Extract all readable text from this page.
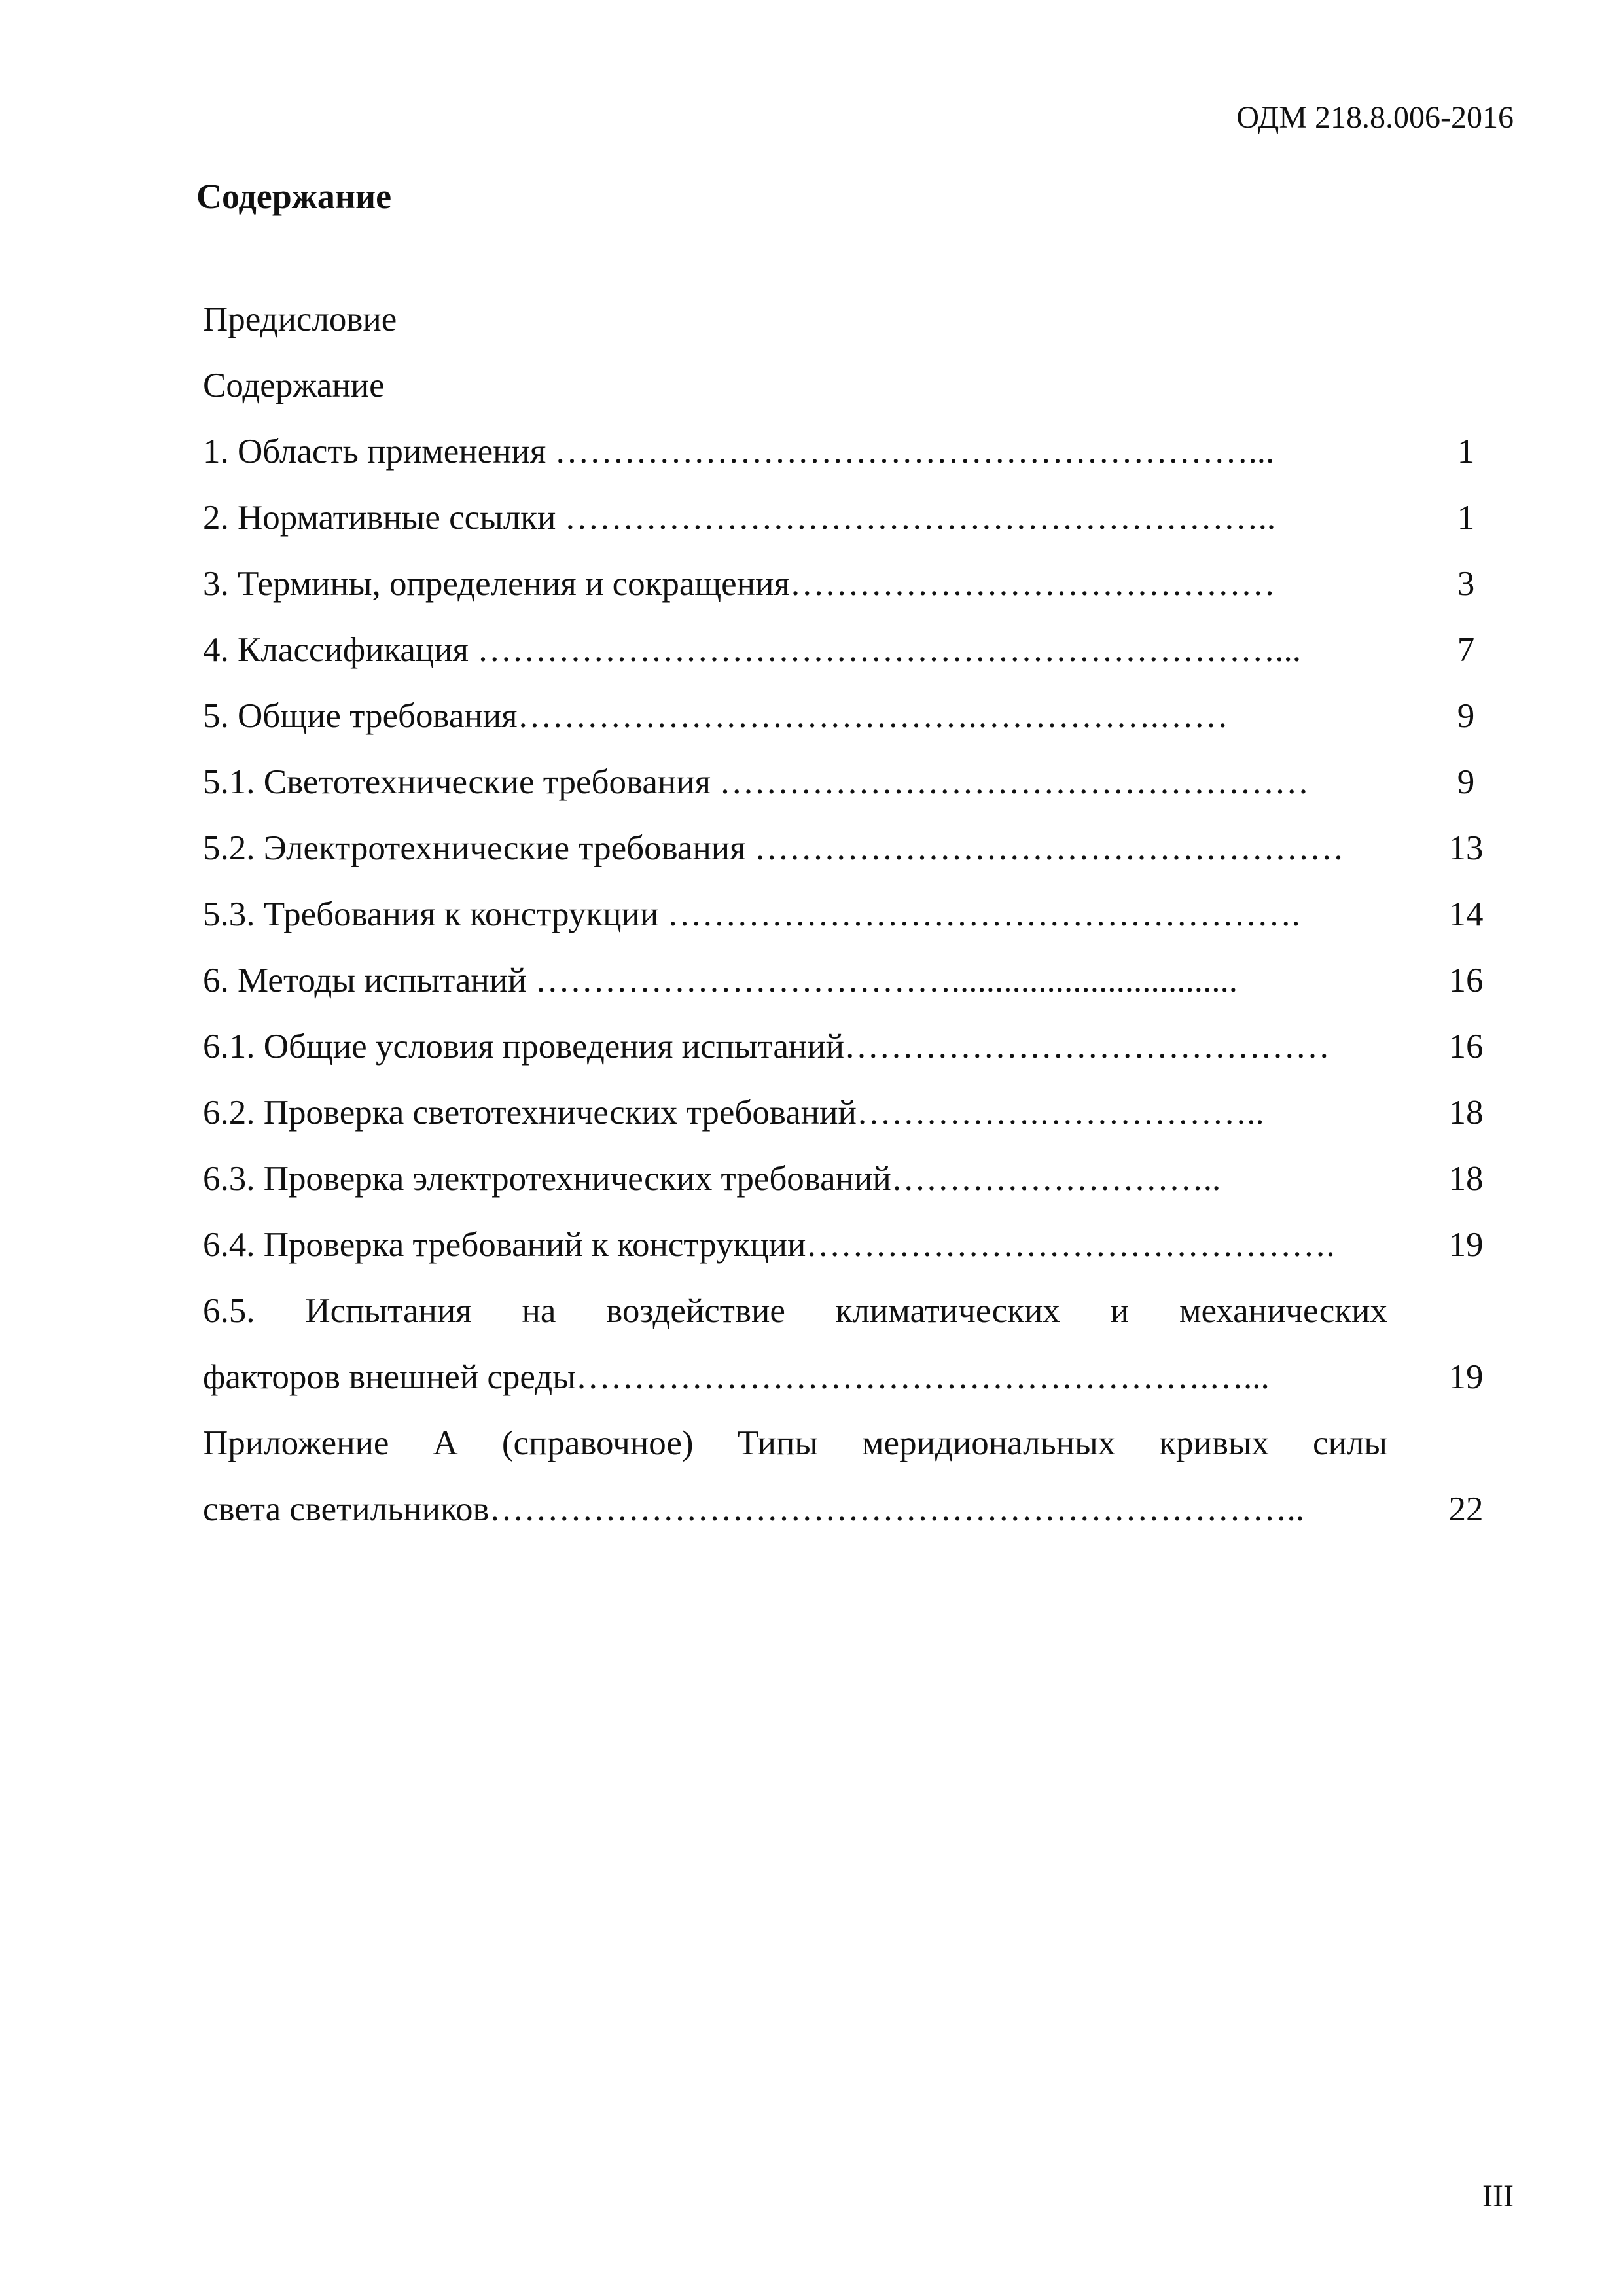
ОДМ 218.8.006-2016
Содержание
Предисловие
Содержание
1. Область применения ……………………………………………………...	1
2. Нормативные ссылки ……………………………………………………..	1
3. Термины, определения и сокращения……………………………………	3
4. Классификация ……………………………………………………………...	7
5. Общие требования………………………………….…………….……	9
5.1. Светотехнические требования ……………………………………………	9
5.2. Электротехнические требования ……………………………………………	13
5.3. Требования к конструкции ……………………………………………….	14
6. Методы испытаний ……………………………….................................	16
6.1. Общие условия проведения испытаний……………………………………	16
6.2. Проверка светотехнических требований…………….………………..	18
6.3. Проверка электротехнических требований………………………..	18
6.4. Проверка требований к конструкции……………………………………….	19
6.5. Испытания на воздействие климатических и механических
факторов внешней среды……………………………………………….…...	19
Приложение А (справочное) Типы меридиональных кривых силы
света светильников……………………………………………………………..	22
III
